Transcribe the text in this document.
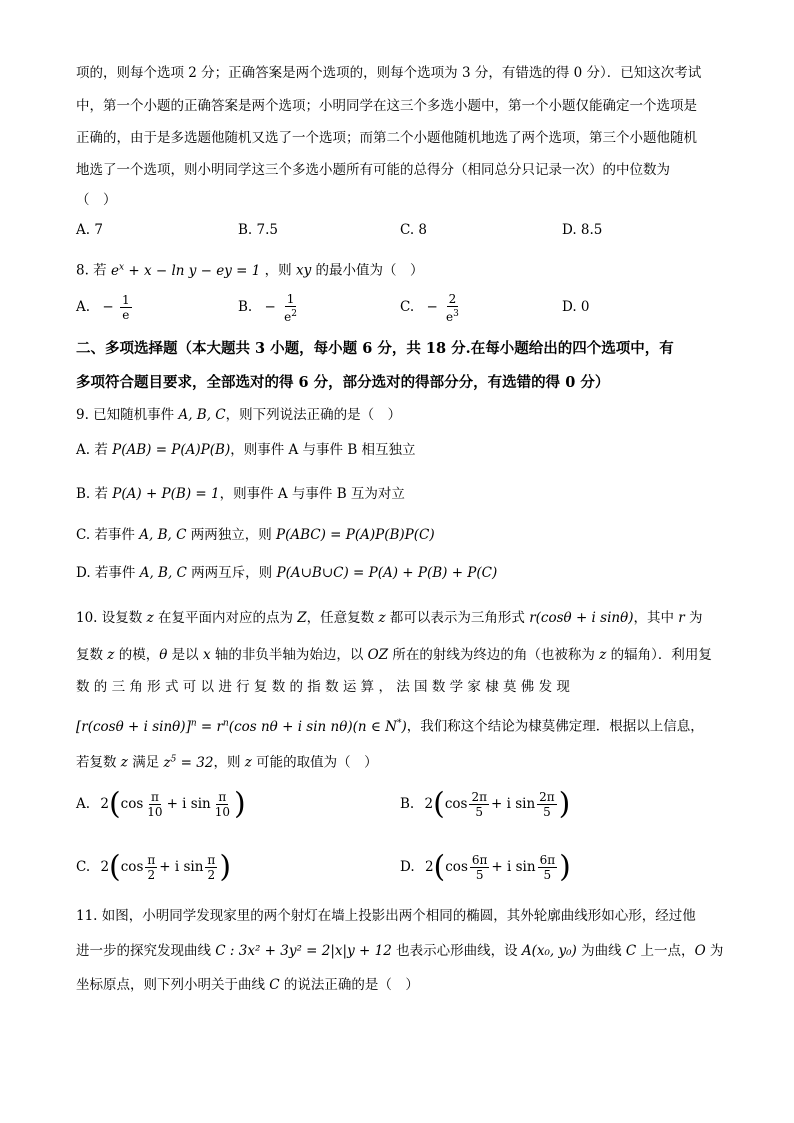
项的，则每个选项 2 分；正确答案是两个选项的，则每个选项为 3 分，有错选的得 0 分）．已知这次考试
中，第一个小题的正确答案是两个选项；小明同学在这三个多选小题中，第一个小题仅能确定一个选项是
正确的，由于是多选题他随机又选了一个选项；而第二个小题他随机地选了两个选项，第三个小题他随机
地选了一个选项，则小明同学这三个多选小题所有可能的总得分（相同总分只记录一次）的中位数为
（　）
A. 7	B. 7.5	C. 8	D. 8.5
8. 若 $e^x + x - \ln y$ − ey = 1 ，则 xy 的最小值为（　）
A. − $\frac{1}{e}$	B. − $\frac{1}{e^2}$	C. − $\frac{2}{e^3}$	D. 0
二、多项选择题（本大题共 3 小题，每小题 6 分，共 18 分.在每小题给出的四个选项中，有
多项符合题目要求，全部选对的得 6 分，部分选对的得部分分，有选错的得 0 分）
9. 已知随机事件 A, B, C，则下列说法正确的是（　）
A. 若 P(AB) = P(A)P(B)，则事件 A 与事件 B 相互独立
B. 若 P(A) + P(B) = 1，则事件 A 与事件 B 互为对立
C. 若事件 A, B, C 两两独立，则 P(ABC) = P(A)P(B)P(C)
D. 若事件 A, B, C 两两互斥，则 P(A∪B∪C) = P(A) + P(B) + P(C)
10. 设复数 z 在复平面内对应的点为 Z，任意复数 z 都可以表示为三角形式 r(cosθ + i sinθ)，其中 r 为
复数 z 的模，θ 是以 x 轴的非负半轴为始边，以 OZ 所在的射线为终边的角（也被称为 z 的辐角）．利用复
数 的 三 角 形 式 可 以 进 行 复 数 的 指 数 运 算 ， 法 国 数 学 家 棣 莫 佛 发 现
[r(cosθ + i $\sin\theta)]^n = r^n(\cos$ nθ + i sin nθ)(n ∈ N*)，我们称这个结论为棣莫佛定理．根据以上信息，
若复数 z 满足 $z^5 = 32$，则 z 可能的取值为（　）
A. $2(\cos \frac{\pi}{10} + i$ $\sin \frac{\pi}{10}$ )	B. $2(\cos \frac{2\pi}{5} + i$ $\sin \frac{2\pi}{5}$ )
C. $2(\cos \frac{\pi}{2} + i$ $\sin \frac{\pi}{2}$ )	D. $2(\cos \frac{6\pi}{5} + i$ $\sin \frac{6\pi}{5}$ )
11. 如图，小明同学发现家里的两个射灯在墙上投影出两个相同的椭圆，其外轮廓曲线形如心形，经过他
进一步的探究发现曲线 C : 3x² + 3y² = 2|x|y + 12 也表示心形曲线，设 A(x₀, y₀) 为曲线 C 上一点，O 为
坐标原点，则下列小明关于曲线 C 的说法正确的是（　）
